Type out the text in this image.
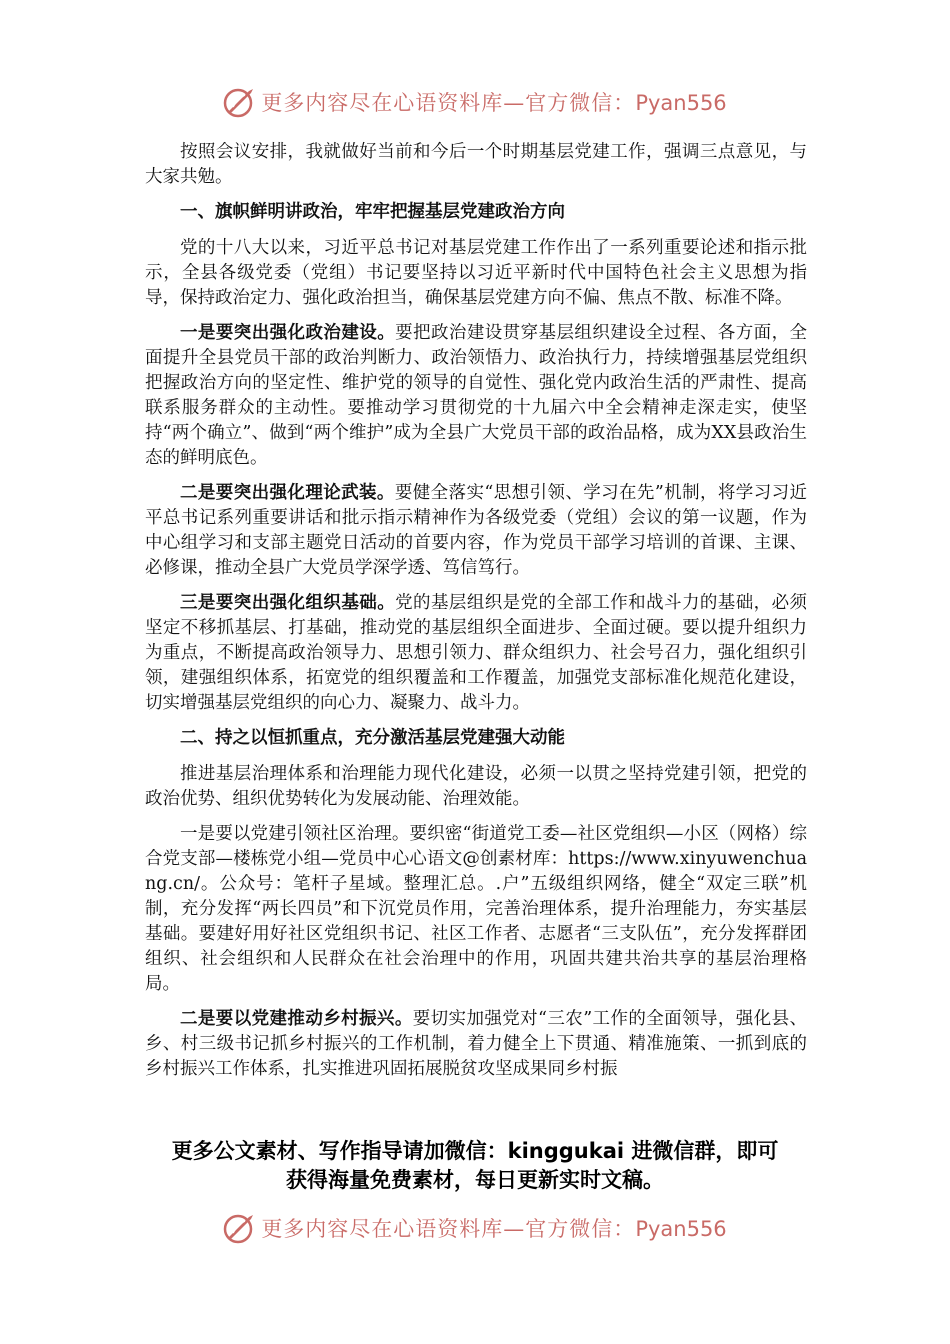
更多内容尽在心语资料库—官方微信：Pyan556

按照会议安排，我就做好当前和今后一个时期基层党建工作，强调三点意见，与大家共勉。

一、旗帜鲜明讲政治，牢牢把握基层党建政治方向

党的十八大以来，习近平总书记对基层党建工作作出了一系列重要论述和指示批示，全县各级党委（党组）书记要坚持以习近平新时代中国特色社会主义思想为指导，保持政治定力、强化政治担当，确保基层党建方向不偏、焦点不散、标准不降。

一是要突出强化政治建设。要把政治建设贯穿基层组织建设全过程、各方面，全面提升全县党员干部的政治判断力、政治领悟力、政治执行力，持续增强基层党组织把握政治方向的坚定性、维护党的领导的自觉性、强化党内政治生活的严肃性、提高联系服务群众的主动性。要推动学习贯彻党的十九届六中全会精神走深走实，使坚持“两个确立”、做到“两个维护”成为全县广大党员干部的政治品格，成为XX县政治生态的鲜明底色。

二是要突出强化理论武装。要健全落实“思想引领、学习在先”机制，将学习习近平总书记系列重要讲话和批示指示精神作为各级党委（党组）会议的第一议题，作为中心组学习和支部主题党日活动的首要内容，作为党员干部学习培训的首课、主课、必修课，推动全县广大党员学深学透、笃信笃行。

三是要突出强化组织基础。党的基层组织是党的全部工作和战斗力的基础，必须坚定不移抓基层、打基础，推动党的基层组织全面进步、全面过硬。要以提升组织力为重点，不断提高政治领导力、思想引领力、群众组织力、社会号召力，强化组织引领，建强组织体系，拓宽党的组织覆盖和工作覆盖，加强党支部标准化规范化建设，切实增强基层党组织的向心力、凝聚力、战斗力。

二、持之以恒抓重点，充分激活基层党建强大动能

推进基层治理体系和治理能力现代化建设，必须一以贯之坚持党建引领，把党的政治优势、组织优势转化为发展动能、治理效能。

一是要以党建引领社区治理。要织密“街道党工委—社区党组织—小区（网格）综合党支部—楼栋党小组—党员中心心语文@创素材库：https://www.xinyuwenchuang.cn/。公众号：笔杆子星域。整理汇总。.户”五级组织网络，健全“双定三联”机制，充分发挥“两长四员”和下沉党员作用，完善治理体系，提升治理能力，夯实基层基础。要建好用好社区党组织书记、社区工作者、志愿者“三支队伍”，充分发挥群团组织、社会组织和人民群众在社会治理中的作用，巩固共建共治共享的基层治理格局。

二是要以党建推动乡村振兴。要切实加强党对“三农”工作的全面领导，强化县、乡、村三级书记抓乡村振兴的工作机制，着力健全上下贯通、精准施策、一抓到底的乡村振兴工作体系，扎实推进巩固拓展脱贫攻坚成果同乡村振

更多公文素材、写作指导请加微信：kinggukai 进微信群，即可
获得海量免费素材，每日更新实时文稿。
更多内容尽在心语资料库—官方微信：Pyan556
